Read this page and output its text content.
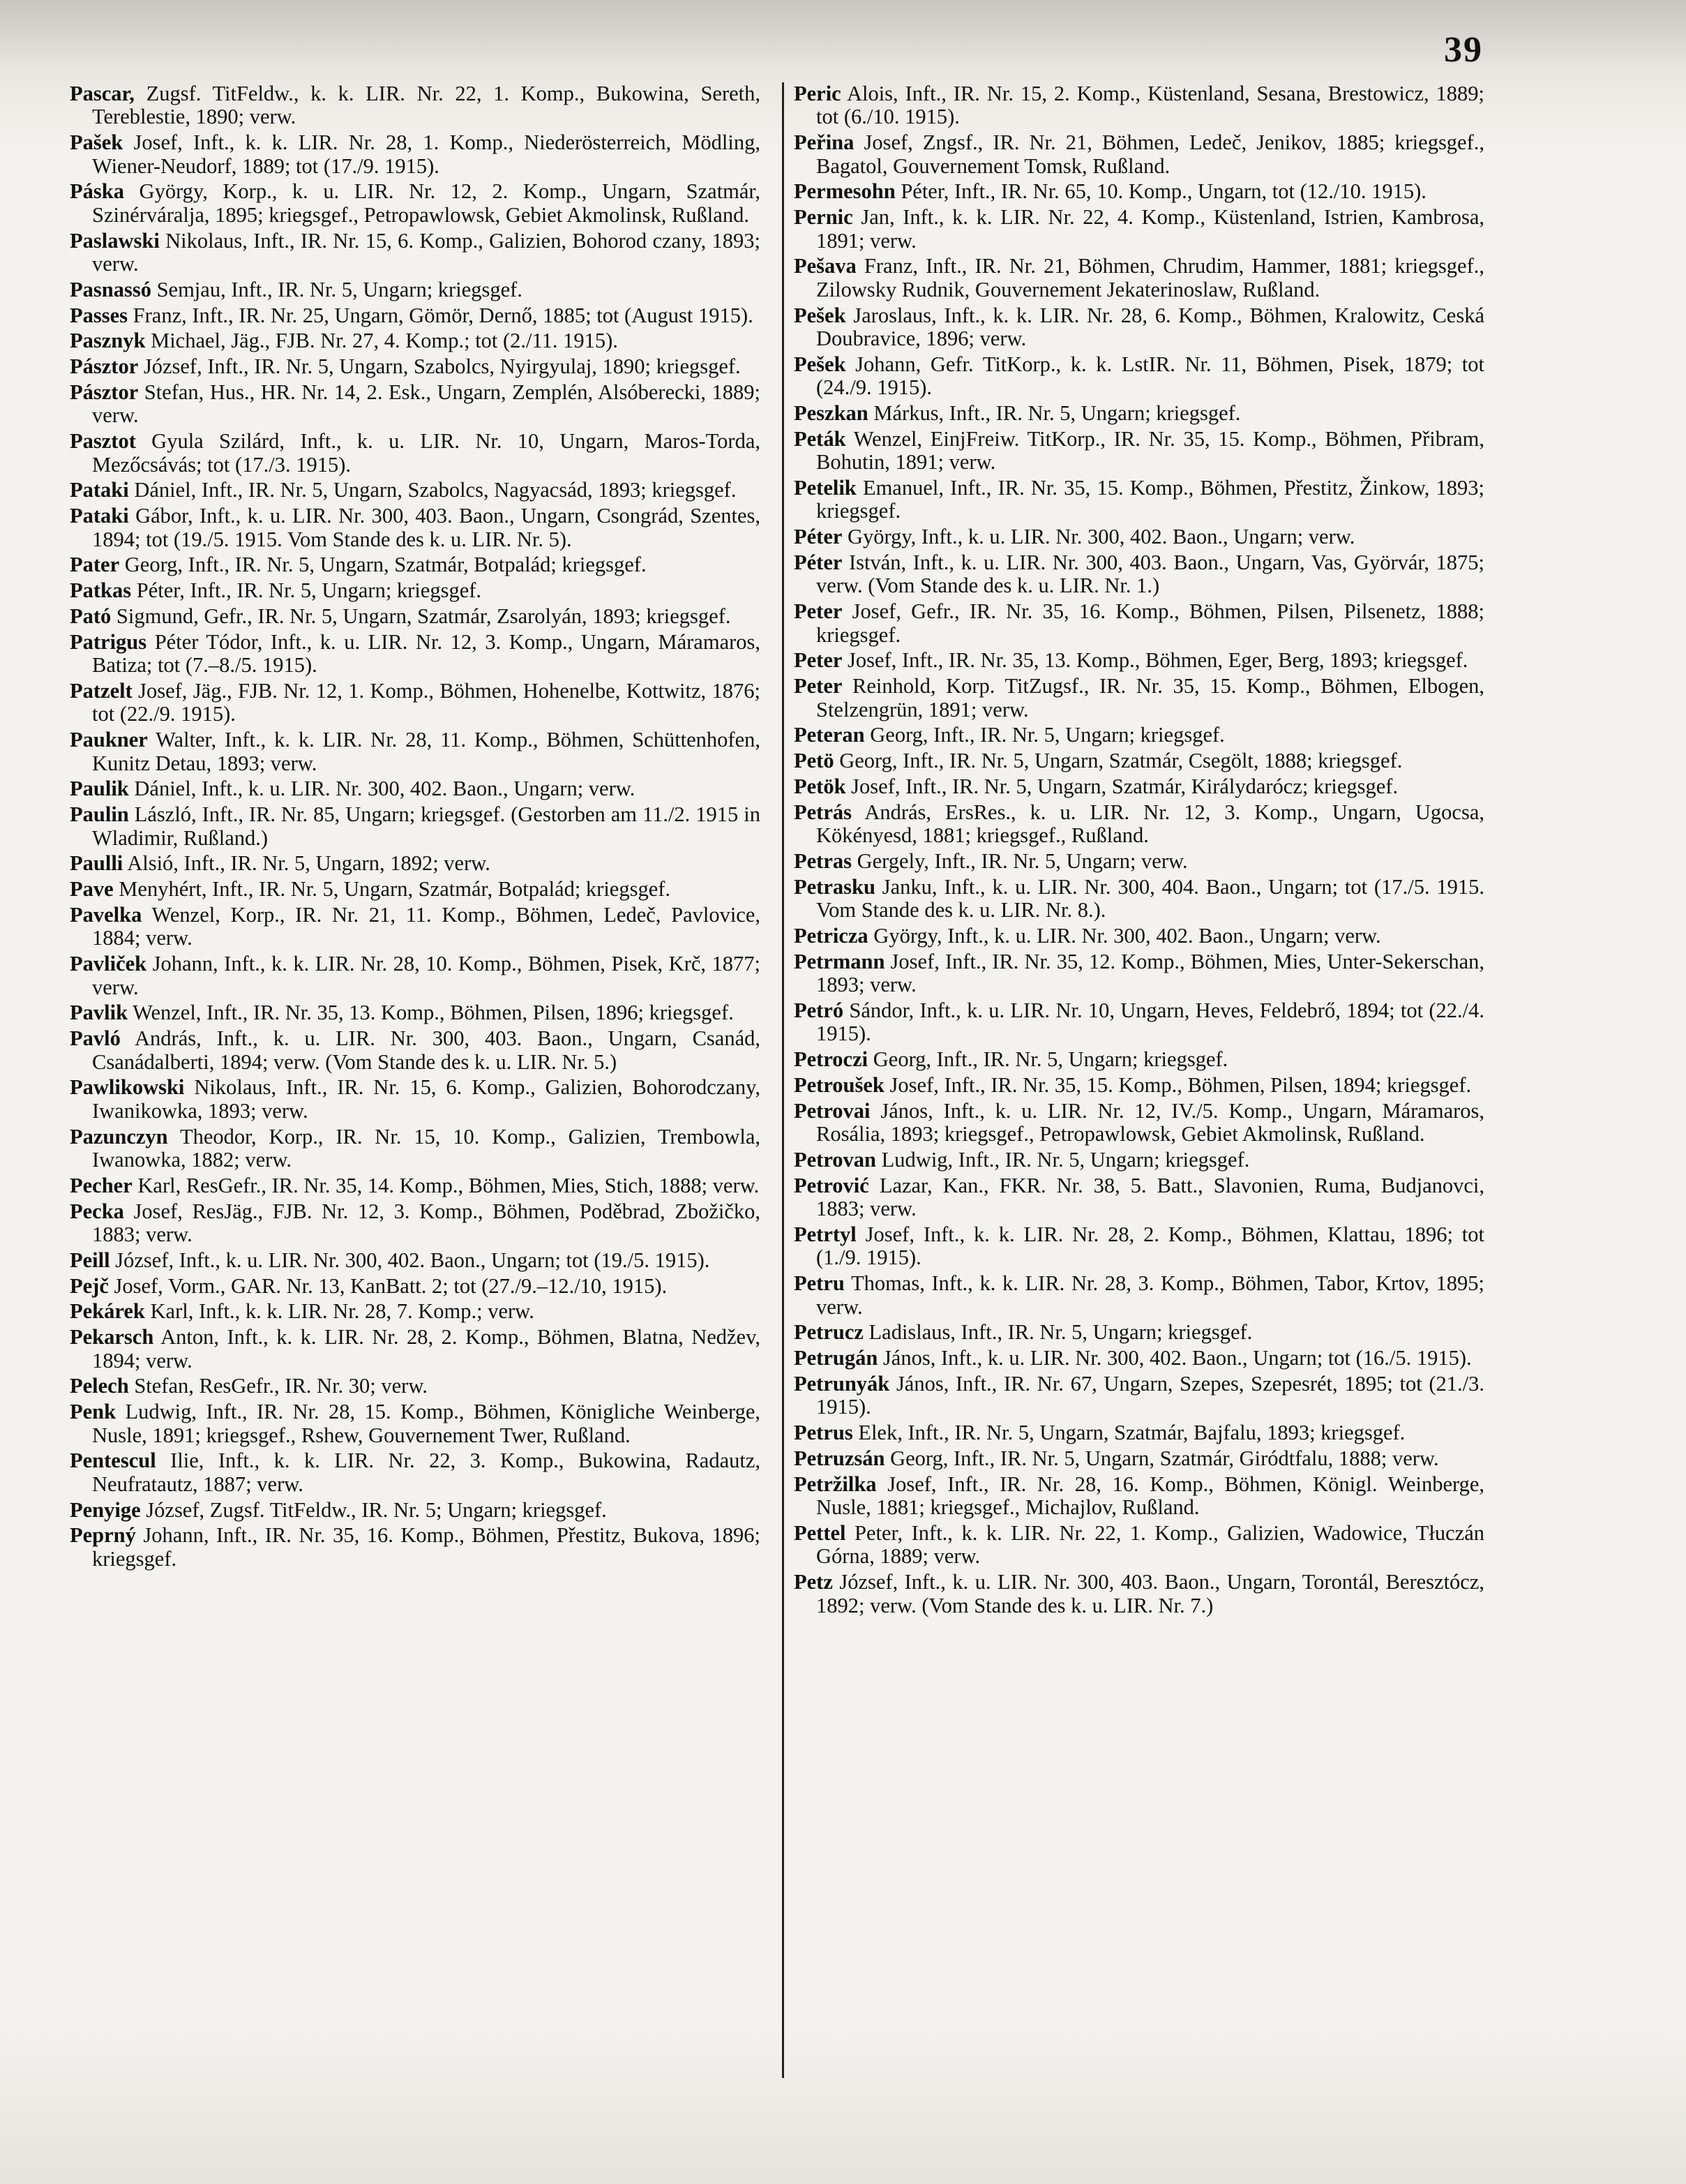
39

Pascar, Zugsf. TitFeldw., k. k. LIR. Nr. 22, 1. Komp., Bukowina, Sereth, Tereblestie, 1890; verw.

Pašek Josef, Inft., k. k. LIR. Nr. 28, 1. Komp., Niederösterreich, Mödling, Wiener-Neudorf, 1889; tot (17./9. 1915).

Páska György, Korp., k. u. LIR. Nr. 12, 2. Komp., Ungarn, Szatmár, Szinérváralja, 1895; kriegsgef., Petropawlowsk, Gebiet Akmolinsk, Rußland.

Paslawski Nikolaus, Inft., IR. Nr. 15, 6. Komp., Galizien, Bohorod czany, 1893; verw.

Pasnassó Semjau, Inft., IR. Nr. 5, Ungarn; kriegsgef.

Passes Franz, Inft., IR. Nr. 25, Ungarn, Gömör, Dernő, 1885; tot (August 1915).

Pasznyk Michael, Jäg., FJB. Nr. 27, 4. Komp.; tot (2./11. 1915).

Pásztor József, Inft., IR. Nr. 5, Ungarn, Szabolcs, Nyirgyulaj, 1890; kriegsgef.

Pásztor Stefan, Hus., HR. Nr. 14, 2. Esk., Ungarn, Zemplén, Alsóberecki, 1889; verw.

Pasztot Gyula Szilárd, Inft., k. u. LIR. Nr. 10, Ungarn, Maros-Torda, Mezőcsávás; tot (17./3. 1915).

Pataki Dániel, Inft., IR. Nr. 5, Ungarn, Szabolcs, Nagyacsád, 1893; kriegsgef.

Pataki Gábor, Inft., k. u. LIR. Nr. 300, 403. Baon., Ungarn, Csongrád, Szentes, 1894; tot (19./5. 1915. Vom Stande des k. u. LIR. Nr. 5).

Pater Georg, Inft., IR. Nr. 5, Ungarn, Szatmár, Botpalád; kriegsgef.

Patkas Péter, Inft., IR. Nr. 5, Ungarn; kriegsgef.

Pató Sigmund, Gefr., IR. Nr. 5, Ungarn, Szatmár, Zsarolyán, 1893; kriegsgef.

Patrigus Péter Tódor, Inft., k. u. LIR. Nr. 12, 3. Komp., Ungarn, Máramaros, Batiza; tot (7.–8./5. 1915).

Patzelt Josef, Jäg., FJB. Nr. 12, 1. Komp., Böhmen, Hohenelbe, Kottwitz, 1876; tot (22./9. 1915).

Paukner Walter, Inft., k. k. LIR. Nr. 28, 11. Komp., Böhmen, Schüttenhofen, Kunitz Detau, 1893; verw.

Paulik Dániel, Inft., k. u. LIR. Nr. 300, 402. Baon., Ungarn; verw.

Paulin László, Inft., IR. Nr. 85, Ungarn; kriegsgef. (Gestorben am 11./2. 1915 in Wladimir, Rußland.)

Paulli Alsió, Inft., IR. Nr. 5, Ungarn, 1892; verw.

Pave Menyhért, Inft., IR. Nr. 5, Ungarn, Szatmár, Botpalád; kriegsgef.

Pavelka Wenzel, Korp., IR. Nr. 21, 11. Komp., Böhmen, Ledeč, Pavlovice, 1884; verw.

Pavliček Johann, Inft., k. k. LIR. Nr. 28, 10. Komp., Böhmen, Pisek, Krč, 1877; verw.

Pavlik Wenzel, Inft., IR. Nr. 35, 13. Komp., Böhmen, Pilsen, 1896; kriegsgef.

Pavló András, Inft., k. u. LIR. Nr. 300, 403. Baon., Ungarn, Csanád, Csanádalberti, 1894; verw. (Vom Stande des k. u. LIR. Nr. 5.)

Pawlikowski Nikolaus, Inft., IR. Nr. 15, 6. Komp., Galizien, Bohorodczany, Iwanikowka, 1893; verw.

Pazunczyn Theodor, Korp., IR. Nr. 15, 10. Komp., Galizien, Trembowla, Iwanowka, 1882; verw.

Pecher Karl, ResGefr., IR. Nr. 35, 14. Komp., Böhmen, Mies, Stich, 1888; verw.

Pecka Josef, ResJäg., FJB. Nr. 12, 3. Komp., Böhmen, Poděbrad, Zbožičko, 1883; verw.

Peill József, Inft., k. u. LIR. Nr. 300, 402. Baon., Ungarn; tot (19./5. 1915).

Pejč Josef, Vorm., GAR. Nr. 13, KanBatt. 2; tot (27./9.–12./10, 1915).

Pekárek Karl, Inft., k. k. LIR. Nr. 28, 7. Komp.; verw.

Pekarsch Anton, Inft., k. k. LIR. Nr. 28, 2. Komp., Böhmen, Blatna, Nedžev, 1894; verw.

Pelech Stefan, ResGefr., IR. Nr. 30; verw.

Penk Ludwig, Inft., IR. Nr. 28, 15. Komp., Böhmen, Königliche Weinberge, Nusle, 1891; kriegsgef., Rshew, Gouvernement Twer, Rußland.

Pentescul Ilie, Inft., k. k. LIR. Nr. 22, 3. Komp., Bukowina, Radautz, Neufratautz, 1887; verw.

Penyige József, Zugsf. TitFeldw., IR. Nr. 5; Ungarn; kriegsgef.

Peprný Johann, Inft., IR. Nr. 35, 16. Komp., Böhmen, Přestitz, Bukova, 1896; kriegsgef.

Peric Alois, Inft., IR. Nr. 15, 2. Komp., Küstenland, Sesana, Brestowicz, 1889; tot (6./10. 1915).

Peřina Josef, Zngsf., IR. Nr. 21, Böhmen, Ledeč, Jenikov, 1885; kriegsgef., Bagatol, Gouvernement Tomsk, Rußland.

Permesohn Péter, Inft., IR. Nr. 65, 10. Komp., Ungarn, tot (12./10. 1915).

Pernic Jan, Inft., k. k. LIR. Nr. 22, 4. Komp., Küstenland, Istrien, Kambrosa, 1891; verw.

Pešava Franz, Inft., IR. Nr. 21, Böhmen, Chrudim, Hammer, 1881; kriegsgef., Zilowsky Rudnik, Gouvernement Jekaterinoslaw, Rußland.

Pešek Jaroslaus, Inft., k. k. LIR. Nr. 28, 6. Komp., Böhmen, Kralowitz, Ceská Doubravice, 1896; verw.

Pešek Johann, Gefr. TitKorp., k. k. LstIR. Nr. 11, Böhmen, Pisek, 1879; tot (24./9. 1915).

Peszkan Márkus, Inft., IR. Nr. 5, Ungarn; kriegsgef.

Peták Wenzel, EinjFreiw. TitKorp., IR. Nr. 35, 15. Komp., Böhmen, Přibram, Bohutin, 1891; verw.

Petelik Emanuel, Inft., IR. Nr. 35, 15. Komp., Böhmen, Přestitz, Žinkow, 1893; kriegsgef.

Péter György, Inft., k. u. LIR. Nr. 300, 402. Baon., Ungarn; verw.

Péter István, Inft., k. u. LIR. Nr. 300, 403. Baon., Ungarn, Vas, Györvár, 1875; verw. (Vom Stande des k. u. LIR. Nr. 1.)

Peter Josef, Gefr., IR. Nr. 35, 16. Komp., Böhmen, Pilsen, Pilsenetz, 1888; kriegsgef.

Peter Josef, Inft., IR. Nr. 35, 13. Komp., Böhmen, Eger, Berg, 1893; kriegsgef.

Peter Reinhold, Korp. TitZugsf., IR. Nr. 35, 15. Komp., Böhmen, Elbogen, Stelzengrün, 1891; verw.

Peteran Georg, Inft., IR. Nr. 5, Ungarn; kriegsgef.

Petö Georg, Inft., IR. Nr. 5, Ungarn, Szatmár, Csegölt, 1888; kriegsgef.

Petök Josef, Inft., IR. Nr. 5, Ungarn, Szatmár, Királydarócz; kriegsgef.

Petrás András, ErsRes., k. u. LIR. Nr. 12, 3. Komp., Ungarn, Ugocsa, Kökényesd, 1881; kriegsgef., Rußland.

Petras Gergely, Inft., IR. Nr. 5, Ungarn; verw.

Petrasku Janku, Inft., k. u. LIR. Nr. 300, 404. Baon., Ungarn; tot (17./5. 1915. Vom Stande des k. u. LIR. Nr. 8.).

Petricza György, Inft., k. u. LIR. Nr. 300, 402. Baon., Ungarn; verw.

Petrmann Josef, Inft., IR. Nr. 35, 12. Komp., Böhmen, Mies, Unter-Sekerschan, 1893; verw.

Petró Sándor, Inft., k. u. LIR. Nr. 10, Ungarn, Heves, Feldebrő, 1894; tot (22./4. 1915).

Petroczi Georg, Inft., IR. Nr. 5, Ungarn; kriegsgef.

Petroušek Josef, Inft., IR. Nr. 35, 15. Komp., Böhmen, Pilsen, 1894; kriegsgef.

Petrovai János, Inft., k. u. LIR. Nr. 12, IV./5. Komp., Ungarn, Máramaros, Rosália, 1893; kriegsgef., Petropawlowsk, Gebiet Akmolinsk, Rußland.

Petrovan Ludwig, Inft., IR. Nr. 5, Ungarn; kriegsgef.

Petrović Lazar, Kan., FKR. Nr. 38, 5. Batt., Slavonien, Ruma, Budjanovci, 1883; verw.

Petrtyl Josef, Inft., k. k. LIR. Nr. 28, 2. Komp., Böhmen, Klattau, 1896; tot (1./9. 1915).

Petru Thomas, Inft., k. k. LIR. Nr. 28, 3. Komp., Böhmen, Tabor, Krtov, 1895; verw.

Petrucz Ladislaus, Inft., IR. Nr. 5, Ungarn; kriegsgef.

Petrugán János, Inft., k. u. LIR. Nr. 300, 402. Baon., Ungarn; tot (16./5. 1915).

Petrunyák János, Inft., IR. Nr. 67, Ungarn, Szepes, Szepesrét, 1895; tot (21./3. 1915).

Petrus Elek, Inft., IR. Nr. 5, Ungarn, Szatmár, Bajfalu, 1893; kriegsgef.

Petruzsán Georg, Inft., IR. Nr. 5, Ungarn, Szatmár, Giródtfalu, 1888; verw.

Petržilka Josef, Inft., IR. Nr. 28, 16. Komp., Böhmen, Königl. Weinberge, Nusle, 1881; kriegsgef., Michajlov, Rußland.

Pettel Peter, Inft., k. k. LIR. Nr. 22, 1. Komp., Galizien, Wadowice, Tłuczán Górna, 1889; verw.

Petz József, Inft., k. u. LIR. Nr. 300, 403. Baon., Ungarn, Torontál, Beresztócz, 1892; verw. (Vom Stande des k. u. LIR. Nr. 7.)
